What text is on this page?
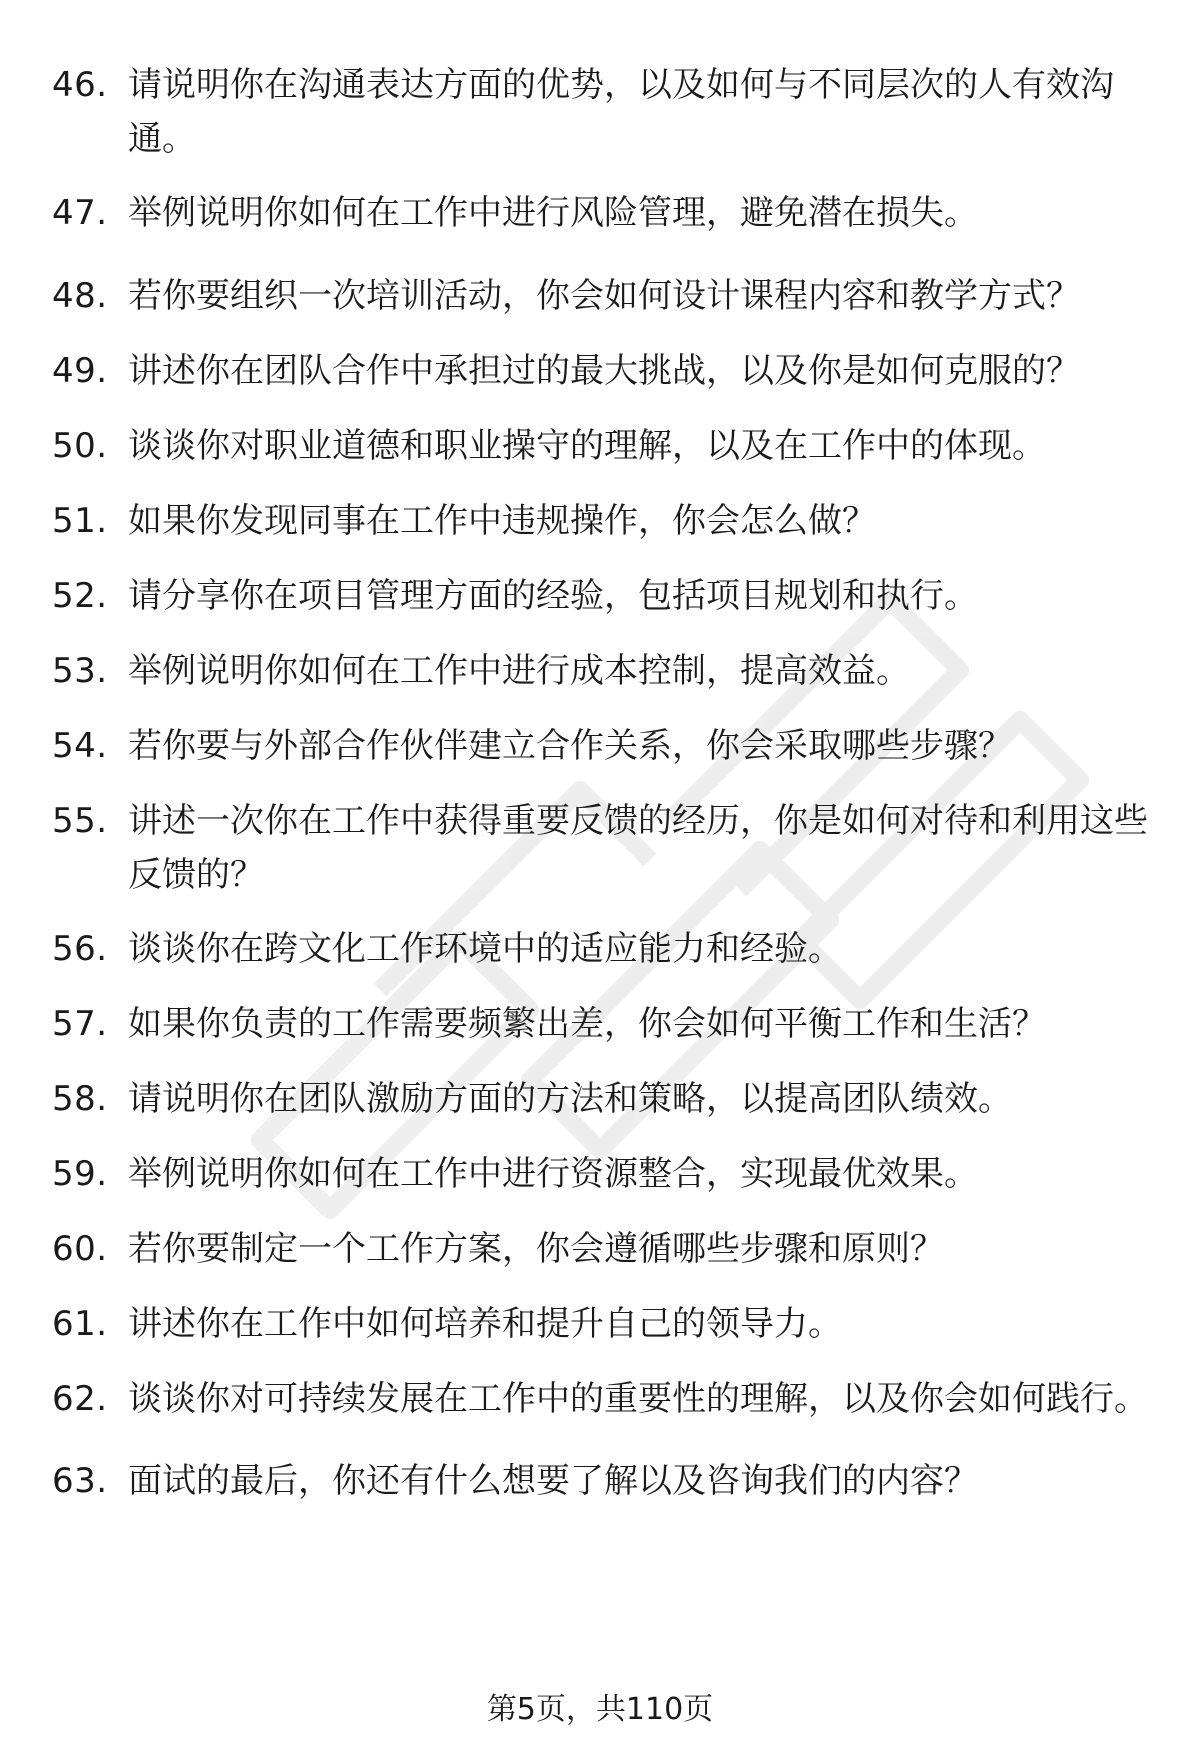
46. 请说明你在沟通表达方面的优势，以及如何与不同层次的人有效沟通。
47. 举例说明你如何在工作中进行风险管理，避免潜在损失。
48. 若你要组织一次培训活动，你会如何设计课程内容和教学方式？
49. 讲述你在团队合作中承担过的最大挑战，以及你是如何克服的？
50. 谈谈你对职业道德和职业操守的理解，以及在工作中的体现。
51. 如果你发现同事在工作中违规操作，你会怎么做？
52. 请分享你在项目管理方面的经验，包括项目规划和执行。
53. 举例说明你如何在工作中进行成本控制，提高效益。
54. 若你要与外部合作伙伴建立合作关系，你会采取哪些步骤？
55. 讲述一次你在工作中获得重要反馈的经历，你是如何对待和利用这些反馈的？
56. 谈谈你在跨文化工作环境中的适应能力和经验。
57. 如果你负责的工作需要频繁出差，你会如何平衡工作和生活？
58. 请说明你在团队激励方面的方法和策略，以提高团队绩效。
59. 举例说明你如何在工作中进行资源整合，实现最优效果。
60. 若你要制定一个工作方案，你会遵循哪些步骤和原则？
61. 讲述你在工作中如何培养和提升自己的领导力。
62. 谈谈你对可持续发展在工作中的重要性的理解，以及你会如何践行。
63. 面试的最后，你还有什么想要了解以及咨询我们的内容？
第5页，共110页
